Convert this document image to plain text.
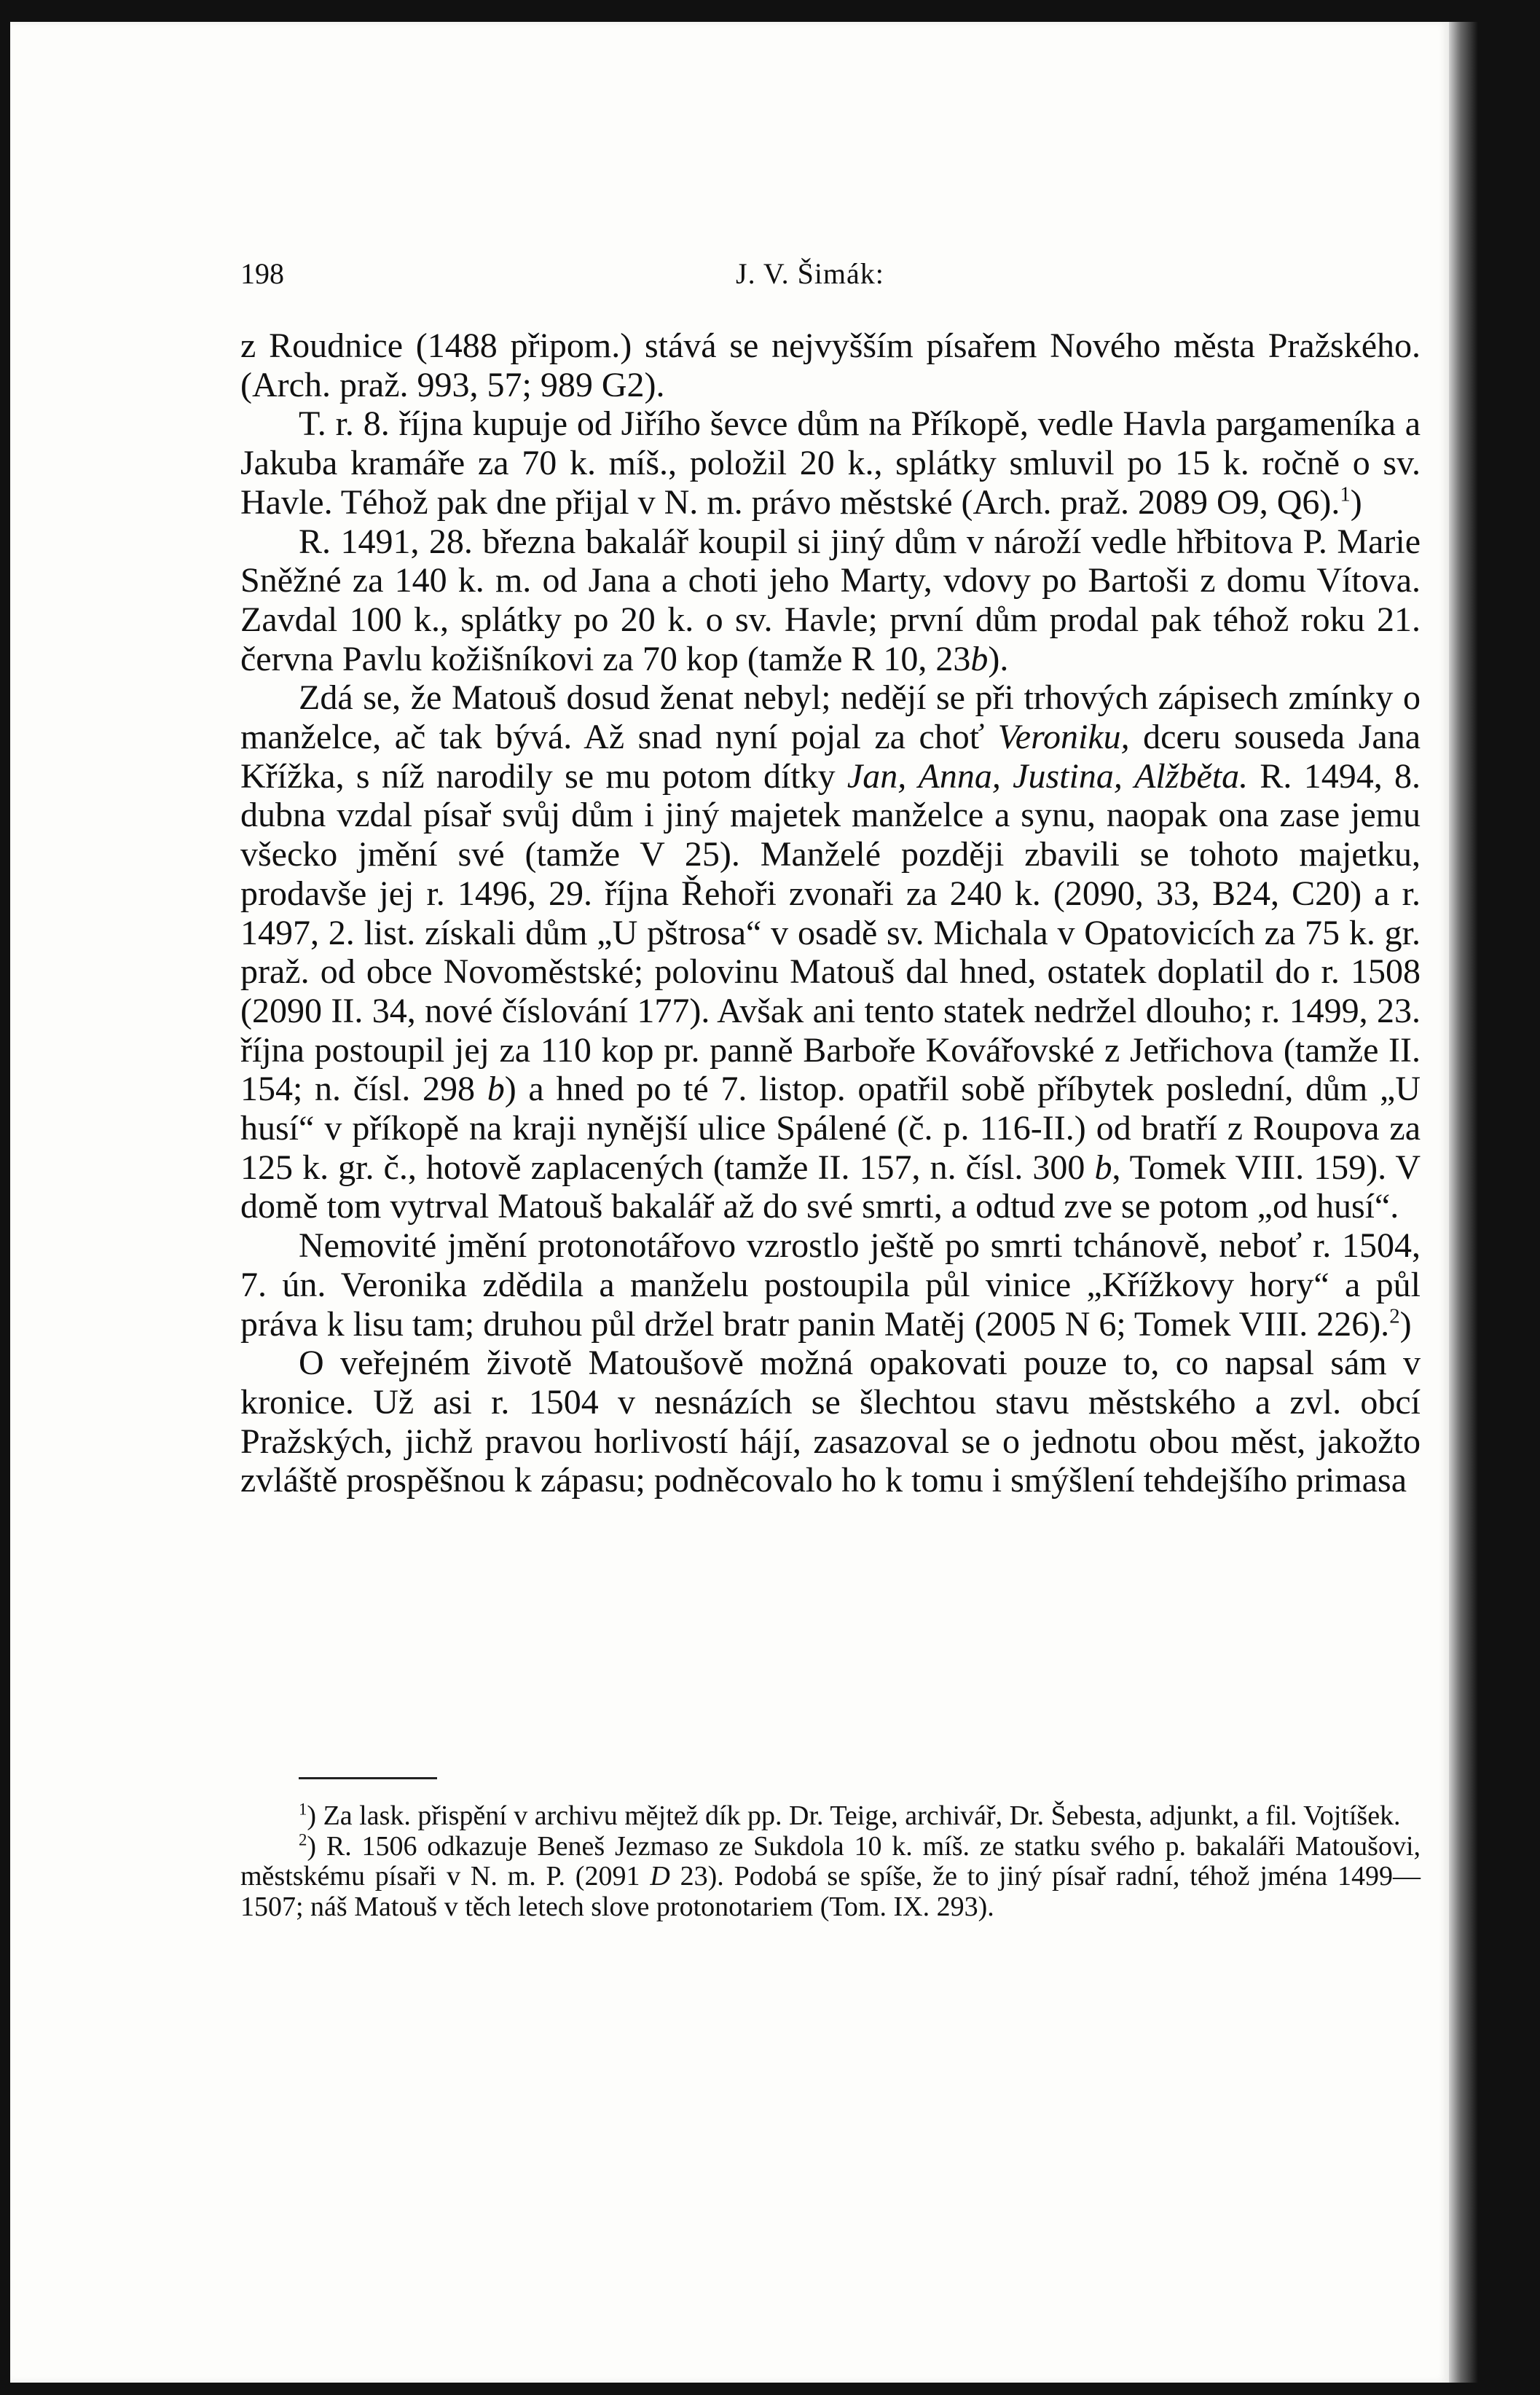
198	J. V. Šimák:

z Roudnice (1488 připom.) stává se nejvyšším písařem Nového města Pražského. (Arch. praž. 993, 57; 989 G2).

T. r. 8. října kupuje od Jiřího ševce dům na Příkopě, vedle Havla pargameníka a Jakuba kramáře za 70 k. míš., položil 20 k., splátky smluvil po 15 k. ročně o sv. Havle. Téhož pak dne přijal v N. m. právo městské (Arch. praž. 2089 O9, Q6).$^1$)

R. 1491, 28. března bakalář koupil si jiný dům v nároží vedle hřbitova P. Marie Sněžné za 140 k. m. od Jana a choti jeho Marty, vdovy po Bartoši z domu Vítova. Zavdal 100 k., splátky po 20 k. o sv. Havle; první dům prodal pak téhož roku 21. června Pavlu kožišníkovi za 70 kop (tamže R 10, 23b).

Zdá se, že Matouš dosud ženat nebyl; nedějí se při trhových zápisech zmínky o manželce, ač tak bývá. Až snad nyní pojal za choť Veroniku, dceru souseda Jana Křížka, s níž narodily se mu potom dítky Jan, Anna, Justina, Alžběta. R. 1494, 8. dubna vzdal písař svůj dům i jiný majetek manželce a synu, naopak ona zase jemu všecko jmění své (tamže V 25). Manželé později zbavili se tohoto majetku, prodavše jej r. 1496, 29. října Řehoři zvonaři za 240 k. (2090, 33, B24, C20) a r. 1497, 2. list. získali dům „U pštrosa“ v osadě sv. Michala v Opatovicích za 75 k. gr. praž. od obce Novoměstské; polovinu Matouš dal hned, ostatek doplatil do r. 1508 (2090 II. 34, nové číslování 177). Avšak ani tento statek nedržel dlouho; r. 1499, 23. října postoupil jej za 110 kop pr. panně Barboře Kovářovské z Jetřichova (tamže II. 154; n. čísl. 298 b) a hned po té 7. listop. opatřil sobě příbytek poslední, dům „U husí“ v příkopě na kraji nynější ulice Spálené (č. p. 116-II.) od bratří z Roupova za 125 k. gr. č., hotově zaplacených (tamže II. 157, n. čísl. 300 b, Tomek VIII. 159). V domě tom vytrval Matouš bakalář až do své smrti, a odtud zve se potom „od husí“.

Nemovité jmění protonotářovo vzrostlo ještě po smrti tchánově, neboť r. 1504, 7. ún. Veronika zdědila a manželu postoupila půl vinice „Křížkovy hory“ a půl práva k lisu tam; druhou půl držel bratr panin Matěj (2005 N 6; Tomek VIII. 226).$^2$)

O veřejném životě Matoušově možná opakovati pouze to, co napsal sám v kronice. Už asi r. 1504 v nesnázích se šlechtou stavu městského a zvl. obcí Pražských, jichž pravou horlivostí hájí, zasazoval se o jednotu obou měst, jakožto zvláště prospěšnou k zápasu; podněcovalo ho k tomu i smýšlení tehdejšího primasa

$^1$) Za lask. přispění v archivu mějtež dík pp. Dr. Teige, archivář, Dr. Šebesta, adjunkt, a fil. Vojtíšek.

$^2$) R. 1506 odkazuje Beneš Jezmaso ze Sukdola 10 k. míš. ze statku svého p. bakaláři Matoušovi, městskému písaři v N. m. P. (2091 D 23). Podobá se spíše, že to jiný písař radní, téhož jména 1499—1507; náš Matouš v těch letech slove protonotariem (Tom. IX. 293).
